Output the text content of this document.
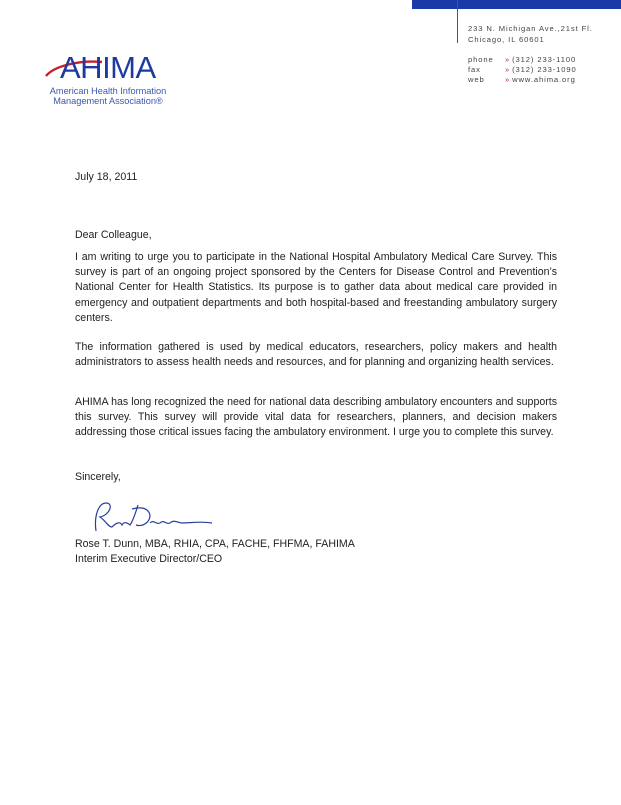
AHIMA
American Health Information
Management Association®
233 N. Michigan Ave.,21st Fl.
Chicago, IL 60601
phone	» (312) 233-1100
fax	» (312) 233-1090
web	» www.ahima.org
July 18, 2011
Dear Colleague,
I am writing to urge you to participate in the National Hospital Ambulatory Medical Care Survey. This survey is part of an ongoing project sponsored by the Centers for Disease Control and Prevention’s National Center for Health Statistics. Its purpose is to gather data about medical care provided in emergency and outpatient departments and both hospital-based and freestanding ambulatory surgery centers.
The information gathered is used by medical educators, researchers, policy makers and health administrators to assess health needs and resources, and for planning and organizing health services.
AHIMA has long recognized the need for national data describing ambulatory encounters and supports this survey. This survey will provide vital data for researchers, planners, and decision makers addressing those critical issues facing the ambulatory environment. I urge you to complete this survey.
Sincerely,
Rose T. Dunn, MBA, RHIA, CPA, FACHE, FHFMA, FAHIMA
Interim Executive Director/CEO
